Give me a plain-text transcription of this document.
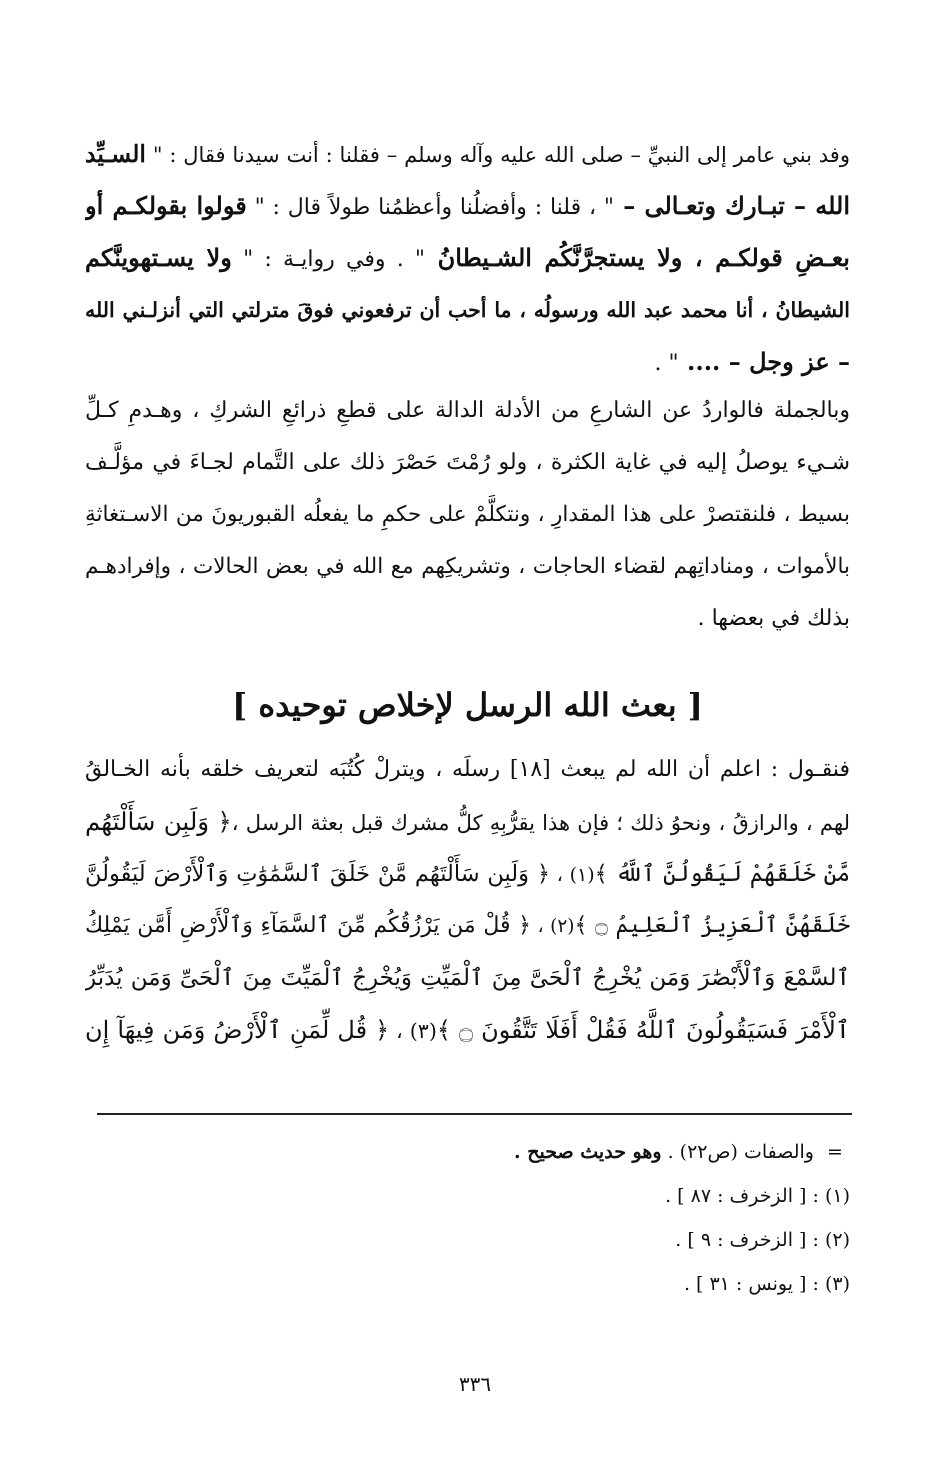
وفد بني عامر إلى النبيِّ – صلى الله عليه وآله وسلم – فقلنا : أنت سيدنا فقال : " السـيِّد
الله – تبـارك وتعـالى – " ، قلنا : وأفضلُنا وأعظمُنا طولاً قال : " قولوا بقولكـم أو
بعـضِ قولكـم ، ولا يستجرَّنَّكُم الشـيطانُ " . وفي روايـة : " ولا يسـتهوينَّكم
الشيطانُ ، أنا محمد عبد الله ورسولُه ، ما أحب أن ترفعوني فوقَ مترلتي التي أنزلـني الله
– عز وجل – .... " .
وبالجملة فالواردُ عن الشارعِ من الأدلة الدالة على قطعِ ذرائعِ الشركِ ، وهـدمِ كـلِّ
شـيء يوصلُ إليه في غاية الكثرة ، ولو رُمْتَ حَصْرَ ذلك على التَّمام لجـاءَ في مؤلَّـف
بسيط ، فلنقتصرْ على هذا المقدارِ ، ونتكلَّمْ على حكمِ ما يفعلُه القبوريونَ من الاسـتغاثةِ
بالأموات ، ومناداتِهم لقضاء الحاجات ، وتشريكِهم مع الله في بعض الحالات ، وإفرادهـم
بذلك في بعضها .
[ بعث الله الرسل لإخلاص توحيده ]
فنقـول : اعلم أن الله لم يبعث [١٨] رسلَه ، ويترلْ كُتُبَه لتعريف خلقه بأنه الخـالقُ
لهم ، والرازقُ ، ونحوُ ذلك ؛ فإن هذا يقرُّبِهِ كلُّ مشرك قبل بعثة الرسل ،﴿ وَلَبِن سَأَلْتَهُم
مَّنْ خَلَقَهُمْ لَيَقُولُنَّ ٱللَّهُ ﴾(١) ، ﴿ وَلَبِن سَأَلْتَهُم مَّنْ خَلَقَ ٱلسَّمَٰوَٰتِ وَٱلْأَرْضَ لَيَقُولُنَّ
خَلَقَهُنَّ ٱلْعَزِيزُ ٱلْعَلِيمُ ۝ ﴾(٢) ، ﴿ قُلْ مَن يَرْزُقُكُم مِّنَ ٱلسَّمَآءِ وَٱلْأَرْضِ أَمَّن يَمْلِكُ
ٱلسَّمْعَ وَٱلْأَبْصَٰرَ وَمَن يُخْرِجُ ٱلْحَىَّ مِنَ ٱلْمَيِّتِ وَيُخْرِجُ ٱلْمَيِّتَ مِنَ ٱلْحَىِّ وَمَن يُدَبِّرُ
ٱلْأَمْرَ فَسَيَقُولُونَ ٱللَّهُ فَقُلْ أَفَلَا تَتَّقُونَ ۝ ﴾(٣) ، ﴿ قُل لِّمَنِ ٱلْأَرْضُ وَمَن فِيهَآ إِن
= والصفات (ص٢٢) . وهو حديث صحيح .
(١) : [ الزخرف : ٨٧ ] .
(٢) : [ الزخرف : ٩ ] .
(٣) : [ يونس : ٣١ ] .
٣٣٦
